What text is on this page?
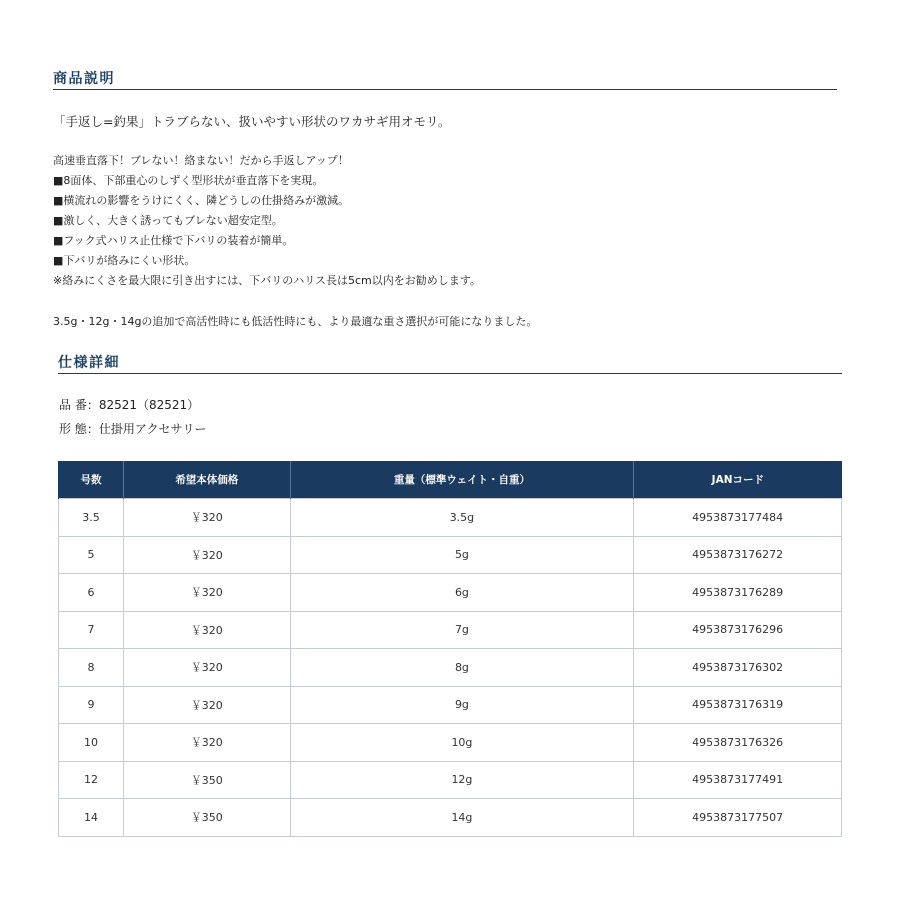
商品説明
「手返し=釣果」トラブらない、扱いやすい形状のワカサギ用オモリ。
高速垂直落下！ブレない！絡まない！だから手返しアップ！
■8面体、下部重心のしずく型形状が垂直落下を実現。
■横流れの影響をうけにくく、隣どうしの仕掛絡みが激減。
■激しく、大きく誘ってもブレない超安定型。
■フック式ハリス止仕様で下バリの装着が簡単。
■下バリが絡みにくい形状。
※絡みにくさを最大限に引き出すには、下バリのハリス長は5cm以内をお勧めします。
3.5g・12g・14gの追加で高活性時にも低活性時にも、より最適な重さ選択が可能になりました。
仕様詳細
品 番：82521（82521）
形 態：仕掛用アクセサリー
号数	希望本体価格	重量（標準ウェイト・自重）	JANコード
3.5	￥320	3.5g	4953873177484
5	￥320	5g	4953873176272
6	￥320	6g	4953873176289
7	￥320	7g	4953873176296
8	￥320	8g	4953873176302
9	￥320	9g	4953873176319
10	￥320	10g	4953873176326
12	￥350	12g	4953873177491
14	￥350	14g	4953873177507
